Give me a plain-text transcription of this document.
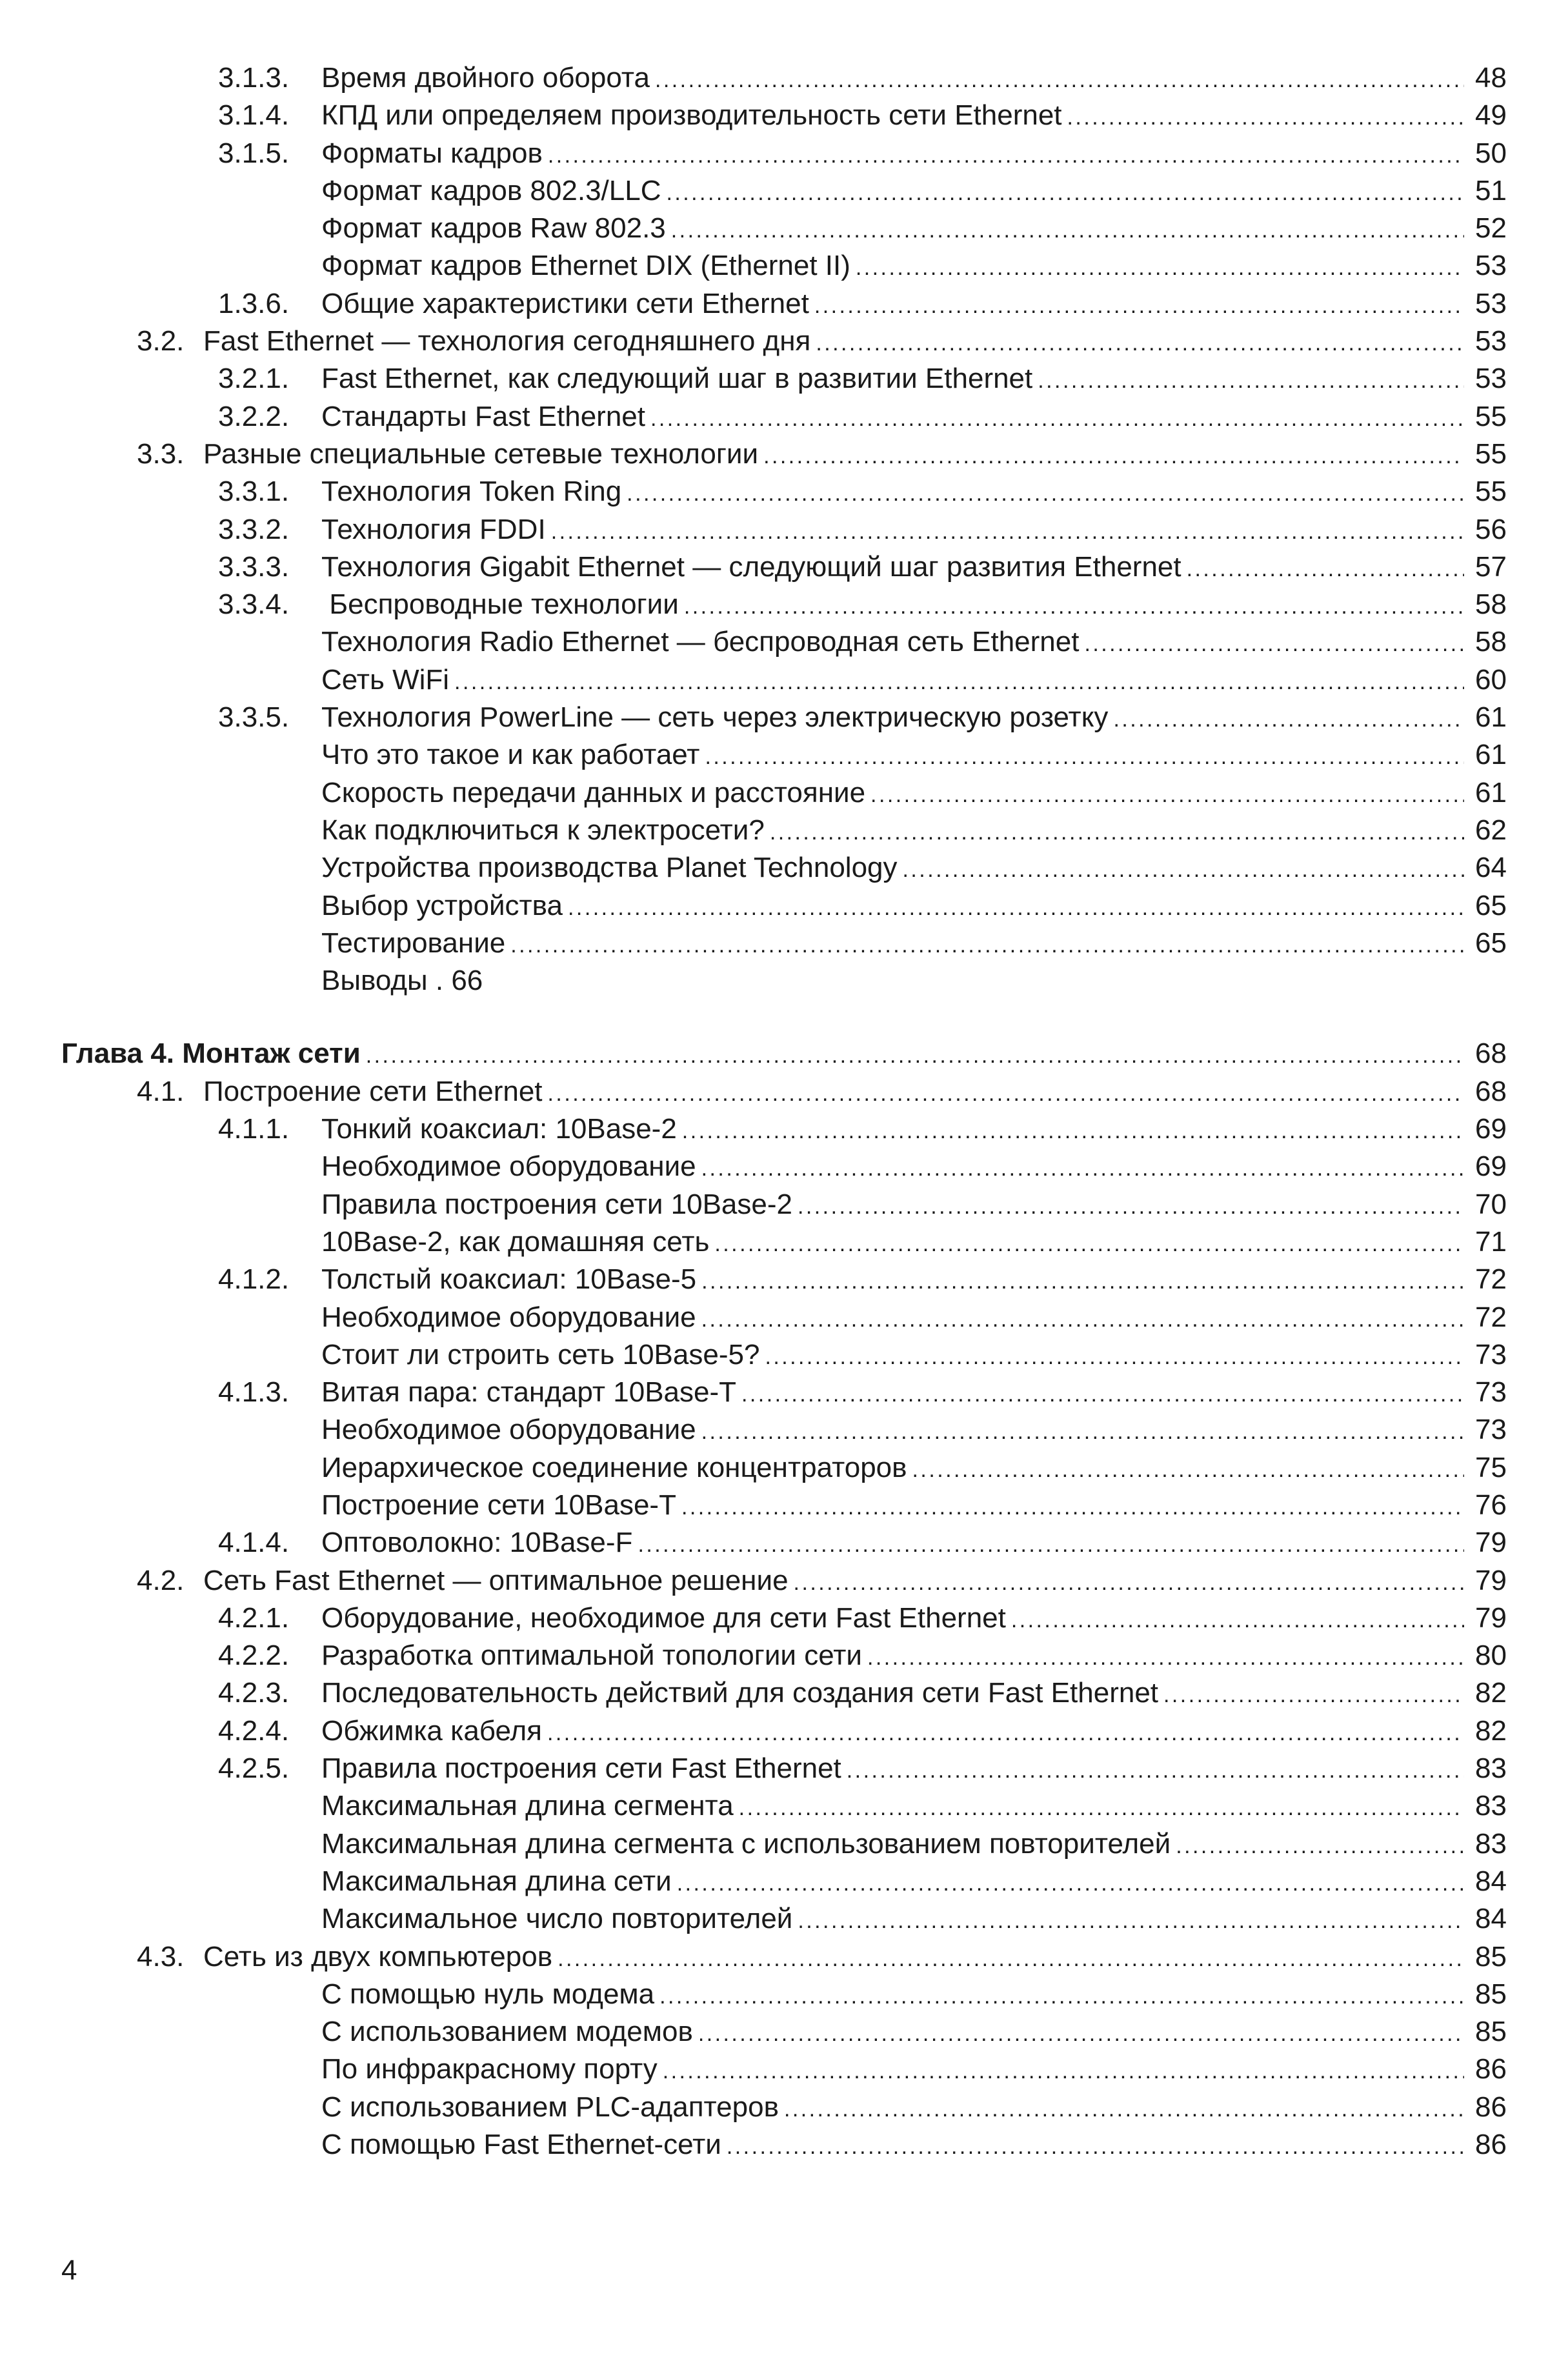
3.1.3.	Время двойного оборота . . .	48
3.1.4.	КПД или определяем производительность сети Ethernet . . .	49
3.1.5.	Форматы кадров . . .	50
Формат кадров 802.3/LLC . . .	51
Формат кадров Raw 802.3 . . .	52
Формат кадров Ethernet DIX (Ethernet II) . . .	53
1.3.6.	Общие характеристики сети Ethernet . . .	53
3.2. Fast Ethernet — технология сегодняшнего дня . . .	53
3.2.1.	Fast Ethernet, как следующий шаг в развитии Ethernet . . .	53
3.2.2.	Стандарты Fast Ethernet . . .	55
3.3. Разные специальные сетевые технологии . . .	55
3.3.1.	Технология Token Ring . . .	55
3.3.2.	Технология FDDI . . .	56
3.3.3.	Технология Gigabit Ethernet — следующий шаг развития Ethernet . . .	57
3.3.4.	Беспроводные технологии . . .	58
Технология Radio Ethernet — беспроводная сеть Ethernet . . .	58
Сеть WiFi . . .	60
3.3.5.	Технология PowerLine — сеть через электрическую розетку . . .	61
Что это такое и как работает . . .	61
Скорость передачи данных и расстояние . . .	61
Как подключиться к электросети? . . .	62
Устройства производства Planet Technology . . .	64
Выбор устройства . . .	65
Тестирование . . .	65
Выводы . 66
Глава 4. Монтаж сети . . .	68
4.1. Построение сети Ethernet . . .	68
4.1.1.	Тонкий коаксиал: 10Base-2 . . .	69
Необходимое оборудование . . .	69
Правила построения сети 10Base-2 . . .	70
10Base-2, как домашняя сеть . . .	71
4.1.2.	Толстый коаксиал: 10Base-5 . . .	72
Необходимое оборудование . . .	72
Стоит ли строить сеть 10Base-5? . . .	73
4.1.3.	Витая пара: стандарт 10Base-T . . .	73
Необходимое оборудование . . .	73
Иерархическое соединение концентраторов . . .	75
Построение сети 10Base-T . . .	76
4.1.4.	Оптоволокно: 10Base-F . . .	79
4.2. Сеть Fast Ethernet — оптимальное решение . . .	79
4.2.1.	Оборудование, необходимое для сети Fast Ethernet . . .	79
4.2.2.	Разработка оптимальной топологии сети . . .	80
4.2.3.	Последовательность действий для создания сети Fast Ethernet . . .	82
4.2.4.	Обжимка кабеля . . .	82
4.2.5.	Правила построения сети Fast Ethernet . . .	83
Максимальная длина сегмента . . .	83
Максимальная длина сегмента с использованием повторителей . . .	83
Максимальная длина сети . . .	84
Максимальное число повторителей . . .	84
4.3. Сеть из двух компьютеров . . .	85
С помощью нуль модема . . .	85
С использованием модемов . . .	85
По инфракрасному порту . . .	86
С использованием PLC-адаптеров . . .	86
С помощью Fast Ethernet-сети . . .	86
4
